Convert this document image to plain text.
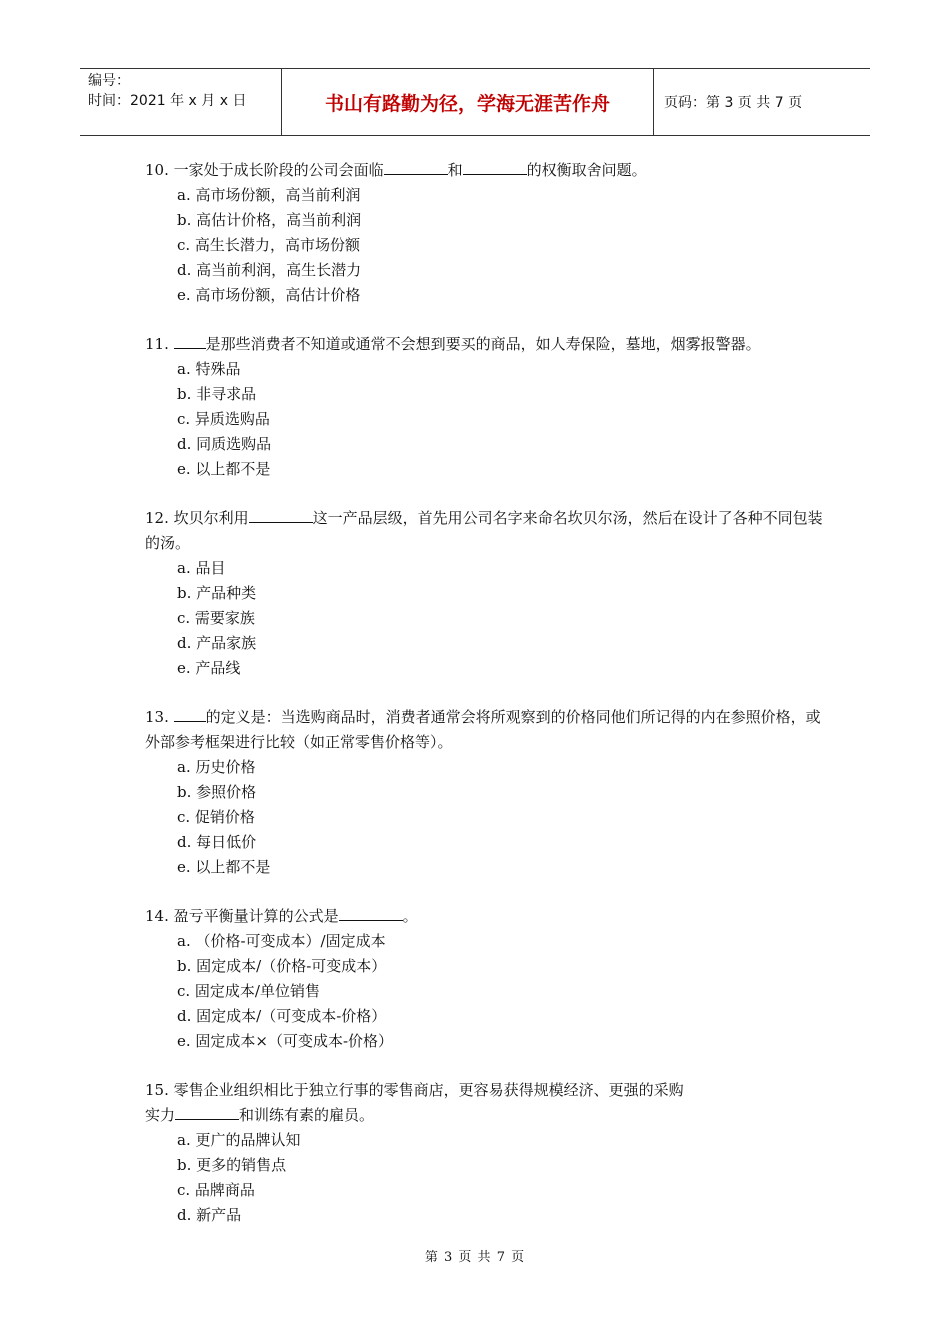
编号：
时间：2021 年 x 月 x 日	书山有路勤为径，学海无涯苦作舟	页码：第 3 页 共 7 页
10. 一家处于成长阶段的公司会面临	和	的权衡取舍问题。
a. 高市场份额，高当前利润
b. 高估计价格，高当前利润
c. 高生长潜力，高市场份额
d. 高当前利润，高生长潜力
e. 高市场份额，高估计价格
11. 是那些消费者不知道或通常不会想到要买的商品，如人寿保险，墓地，烟雾报警器。
a. 特殊品
b. 非寻求品
c. 异质选购品
d. 同质选购品
e. 以上都不是
12. 坎贝尔利用	这一产品层级，首先用公司名字来命名坎贝尔汤，然后在设计了各种不同包装的汤。
a. 品目
b. 产品种类
c. 需要家族
d. 产品家族
e. 产品线
13. 的定义是：当选购商品时，消费者通常会将所观察到的价格同他们所记得的内在参照价格，或外部参考框架进行比较（如正常零售价格等）。
a. 历史价格
b. 参照价格
c. 促销价格
d. 每日低价
e. 以上都不是
14. 盈亏平衡量计算的公式是	。
a. （价格-可变成本）/固定成本
b. 固定成本/（价格-可变成本）
c. 固定成本/单位销售
d. 固定成本/（可变成本-价格）
e. 固定成本×（可变成本-价格）
15. 零售企业组织相比于独立行事的零售商店，更容易获得规模经济、更强的采购实力	和训练有素的雇员。
a. 更广的品牌认知
b. 更多的销售点
c. 品牌商品
d. 新产品
第 3 页 共 7 页
